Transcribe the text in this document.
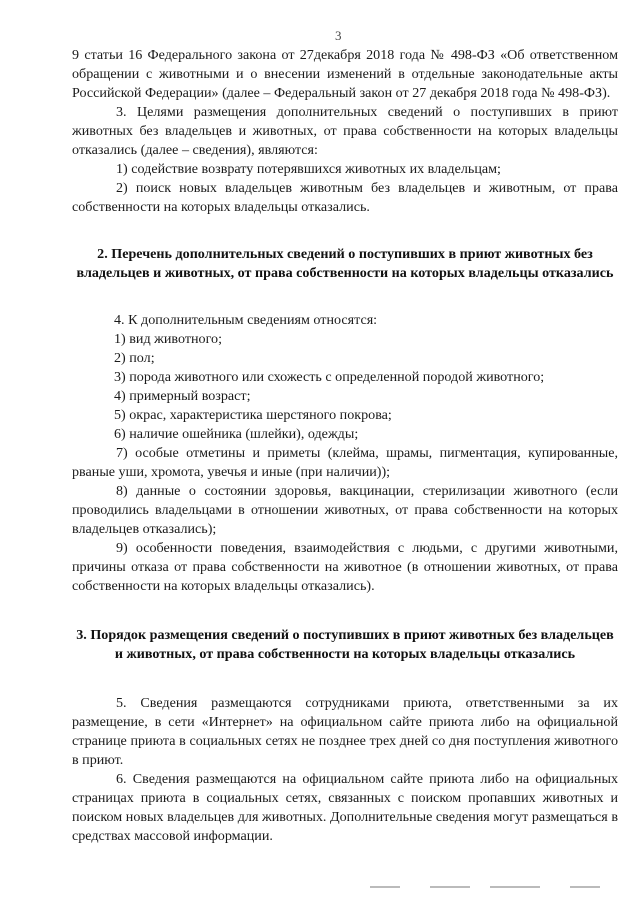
3

9 статьи 16 Федерального закона от 27декабря 2018 года № 498-ФЗ «Об ответственном обращении с животными и о внесении изменений в отдельные законодательные акты Российской Федерации» (далее – Федеральный закон от 27 декабря 2018 года № 498-ФЗ).

3. Целями размещения дополнительных сведений о поступивших в приют животных без владельцев и животных, от права собственности на которых владельцы отказались (далее – сведения), являются:

1) содействие возврату потерявшихся животных их владельцам;

2) поиск новых владельцев животным без владельцев и животным, от права собственности на которых владельцы отказались.

2. Перечень дополнительных сведений о поступивших в приют животных без владельцев и животных, от права собственности на которых владельцы отказались

4. К дополнительным сведениям относятся:

1) вид животного;

2) пол;

3) порода животного или схожесть с определенной породой животного;

4) примерный возраст;

5) окрас, характеристика шерстяного покрова;

6) наличие ошейника (шлейки), одежды;

7) особые отметины и приметы (клейма, шрамы, пигментация, купированные, рваные уши, хромота, увечья и иные (при наличии));

8) данные о состоянии здоровья, вакцинации, стерилизации животного (если проводились владельцами в отношении животных, от права собственности на которых владельцев отказались);

9) особенности поведения, взаимодействия с людьми, с другими животными, причины отказа от права собственности на животное (в отношении животных, от права собственности на которых владельцы отказались).

3. Порядок размещения сведений о поступивших в приют животных без владельцев и животных, от права собственности на которых владельцы отказались

5. Сведения размещаются сотрудниками приюта, ответственными за их размещение, в сети «Интернет» на официальном сайте приюта либо на официальной странице приюта в социальных сетях не позднее трех дней со дня поступления животного в приют.

6. Сведения размещаются на официальном сайте приюта либо на официальных страницах приюта в социальных сетях, связанных с поиском пропавших животных и поиском новых владельцев для животных. Дополнительные сведения могут размещаться в средствах массовой информации.
